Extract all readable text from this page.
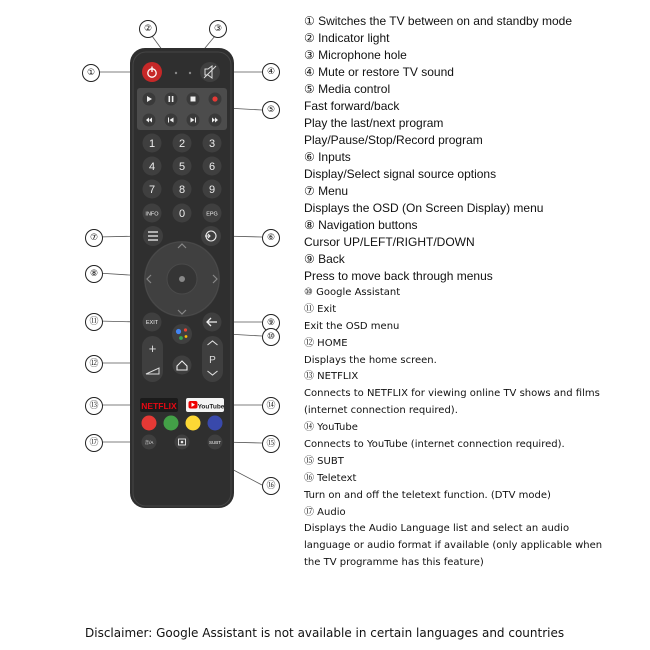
1 2 3
4 5 6
7 8 9
0
INFO	EPG
EXIT
+
P
NETFLIX	YouTube
音/A	SUBT
①
②	③
④
⑤
⑥
⑦
⑧
⑨
⑩
⑪
⑫
⑬	⑭
⑮
⑯
⑰
① Switches the TV between on and standby mode
② Indicator light
③ Microphone hole
④ Mute or restore TV sound
⑤ Media control
Fast forward/back
Play the last/next program
Play/Pause/Stop/Record program
⑥ Inputs
Display/Select signal source options
⑦ Menu
Displays the OSD (On Screen Display) menu
⑧ Navigation buttons
Cursor UP/LEFT/RIGHT/DOWN
⑨ Back
Press to move back through menus
⑩ Google Assistant
⑪ Exit
Exit the OSD menu
⑫ HOME
Displays the home screen.
⑬ NETFLIX
Connects to NETFLIX for viewing online TV shows and films
(internet connection required).
⑭ YouTube
Connects to YouTube (internet connection required).
⑮ SUBT
⑯ Teletext
Turn on and off the teletext function. (DTV mode)
⑰ Audio
Displays the Audio Language list and select an audio
language or audio format if available (only applicable when
the TV programme has this feature)
Disclaimer: Google Assistant is not available in certain languages and countries
